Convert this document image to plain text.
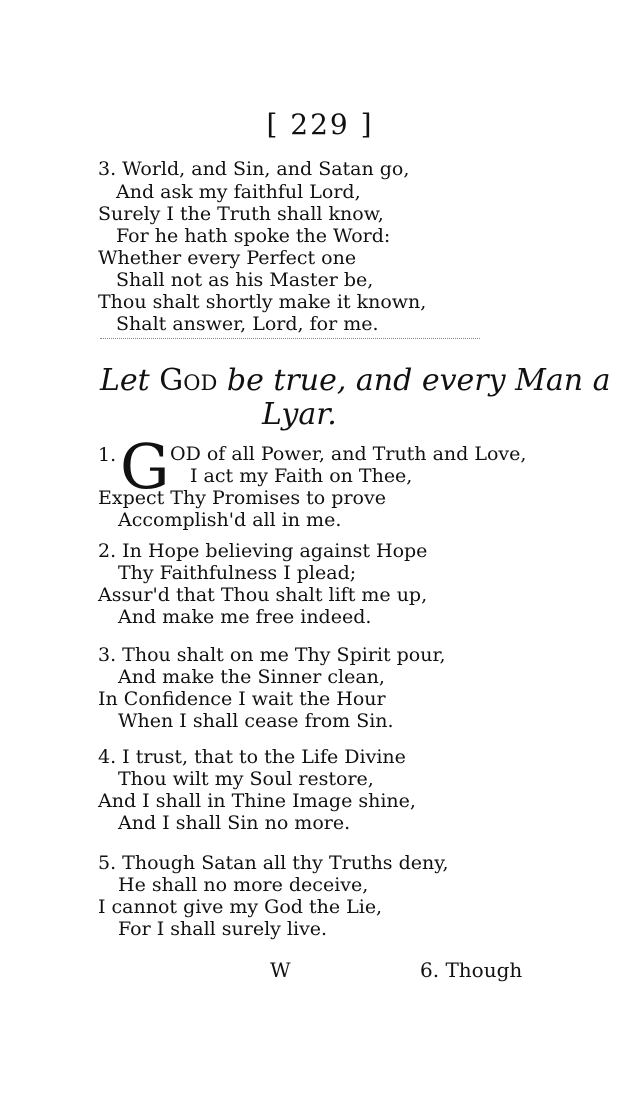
[ 229 ]
3. World, and Sin, and Satan go,
And ask my faithful Lord,
Surely I the Truth shall know,
For he hath spoke the Word:
Whether every Perfect one
Shall not as his Master be,
Thou shalt shortly make it known,
Shalt answer, Lord, for me.
Let God be true, and every Man a
Lyar.
1. G OD of all Power, and Truth and Love,
I act my Faith on Thee,
Expect Thy Promises to prove
Accomplish'd all in me.
2. In Hope believing against Hope
Thy Faithfulness I plead;
Assur'd that Thou shalt lift me up,
And make me free indeed.
3. Thou shalt on me Thy Spirit pour,
And make the Sinner clean,
In Confidence I wait the Hour
When I shall cease from Sin.
4. I trust, that to the Life Divine
Thou wilt my Soul restore,
And I shall in Thine Image shine,
And I shall Sin no more.
5. Though Satan all thy Truths deny,
He shall no more deceive,
I cannot give my God the Lie,
For I shall surely live.
W	6. Though
